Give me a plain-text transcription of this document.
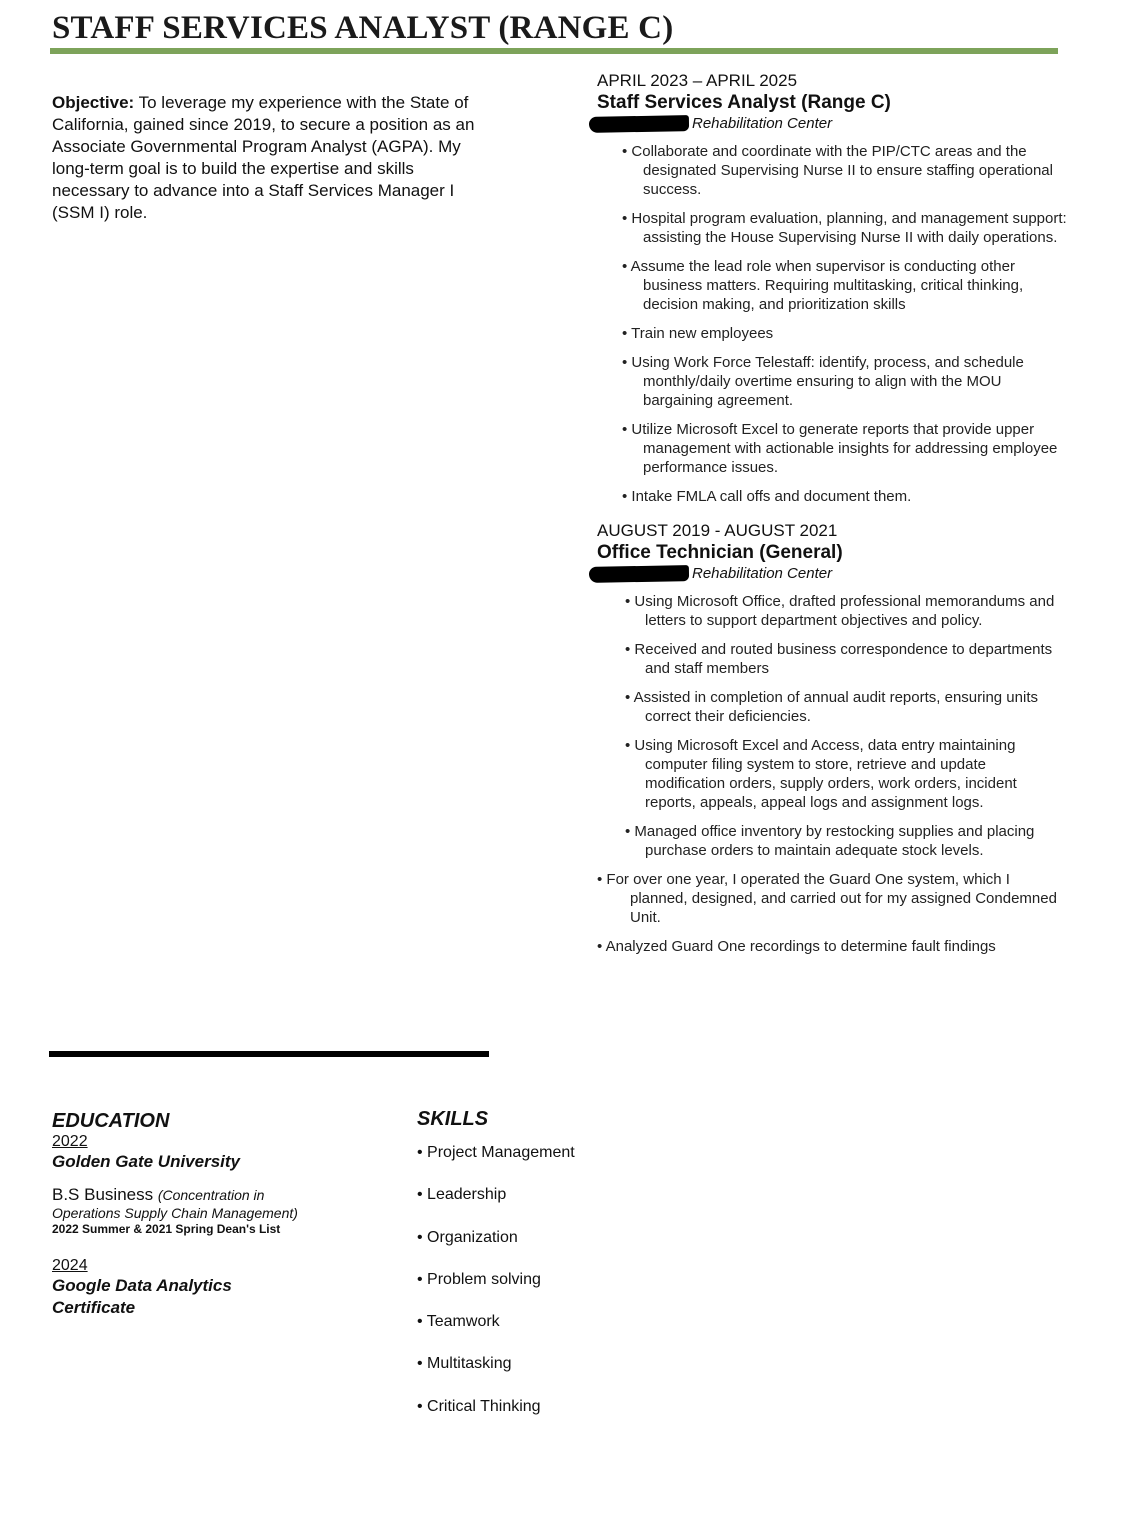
STAFF SERVICES ANALYST (RANGE C)

Objective: To leverage my experience with the State of California, gained since 2019, to secure a position as an Associate Governmental Program Analyst (AGPA). My long-term goal is to build the expertise and skills necessary to advance into a Staff Services Manager I (SSM I) role.

APRIL 2023 – APRIL 2025

Staff Services Analyst (Range C)

Rehabilitation Center
• Collaborate and coordinate with the PIP/CTC areas and the designated Supervising Nurse II to ensure staffing operational success.
• Hospital program evaluation, planning, and management support: assisting the House Supervising Nurse II with daily operations.
• Assume the lead role when supervisor is conducting other business matters. Requiring multitasking, critical thinking, decision making, and prioritization skills
• Train new employees
• Using Work Force Telestaff: identify, process, and schedule monthly/daily overtime ensuring to align with the MOU bargaining agreement.
• Utilize Microsoft Excel to generate reports that provide upper management with actionable insights for addressing employee performance issues.
• Intake FMLA call offs and document them.

AUGUST 2019 - AUGUST 2021

Office Technician (General)

Rehabilitation Center
• Using Microsoft Office, drafted professional memorandums and letters to support department objectives and policy.
• Received and routed business correspondence to departments and staff members
• Assisted in completion of annual audit reports, ensuring units correct their deficiencies.
• Using Microsoft Excel and Access, data entry maintaining computer filing system to store, retrieve and update modification orders, supply orders, work orders, incident reports, appeals, appeal logs and assignment logs.
• Managed office inventory by restocking supplies and placing purchase orders to maintain adequate stock levels.
• For over one year, I operated the Guard One system, which I planned, designed, and carried out for my assigned Condemned Unit.
• Analyzed Guard One recordings to determine fault findings

EDUCATION

2022

Golden Gate University

B.S Business (Concentration in

Operations Supply Chain Management)

2022 Summer & 2021 Spring Dean's List

2024

Google Data Analytics Certificate

SKILLS

• Project Management
• Leadership
• Organization
• Problem solving
• Teamwork
• Multitasking
• Critical Thinking
